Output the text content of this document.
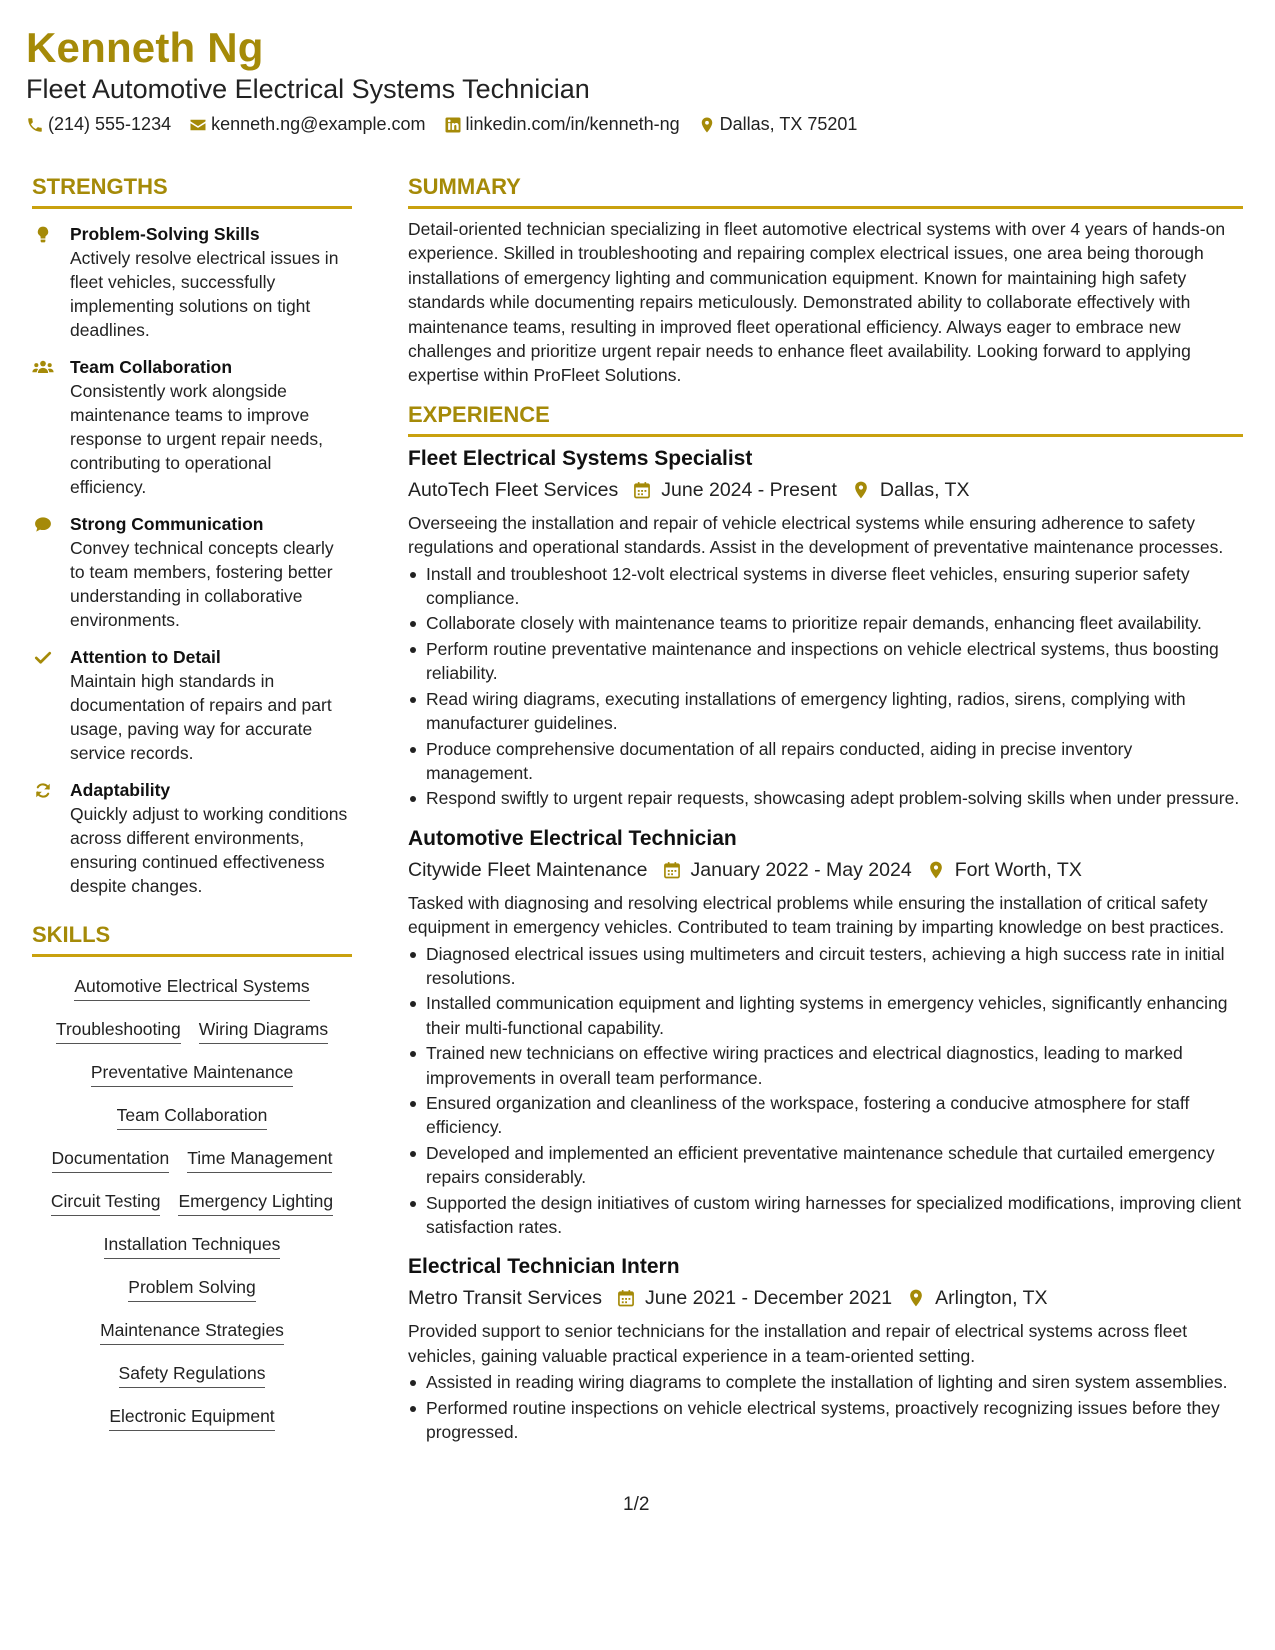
Kenneth Ng
Fleet Automotive Electrical Systems Technician
(214) 555-1234 kenneth.ng@example.com linkedin.com/in/kenneth-ng Dallas, TX 75201
STRENGTHS
Problem-Solving Skills
Actively resolve electrical issues in fleet vehicles, successfully implementing solutions on tight deadlines.
Team Collaboration
Consistently work alongside maintenance teams to improve response to urgent repair needs, contributing to operational efficiency.
Strong Communication
Convey technical concepts clearly to team members, fostering better understanding in collaborative environments.
Attention to Detail
Maintain high standards in documentation of repairs and part usage, paving way for accurate service records.
Adaptability
Quickly adjust to working conditions across different environments, ensuring continued effectiveness despite changes.
SKILLS
Automotive Electrical Systems
Troubleshooting Wiring Diagrams
Preventative Maintenance
Team Collaboration
Documentation Time Management
Circuit Testing Emergency Lighting
Installation Techniques
Problem Solving
Maintenance Strategies
Safety Regulations
Electronic Equipment
SUMMARY
Detail-oriented technician specializing in fleet automotive electrical systems with over 4 years of hands-on experience. Skilled in troubleshooting and repairing complex electrical issues, one area being thorough installations of emergency lighting and communication equipment. Known for maintaining high safety standards while documenting repairs meticulously. Demonstrated ability to collaborate effectively with maintenance teams, resulting in improved fleet operational efficiency. Always eager to embrace new challenges and prioritize urgent repair needs to enhance fleet availability. Looking forward to applying expertise within ProFleet Solutions.
EXPERIENCE
Fleet Electrical Systems Specialist
AutoTech Fleet Services June 2024 - Present Dallas, TX
Overseeing the installation and repair of vehicle electrical systems while ensuring adherence to safety regulations and operational standards. Assist in the development of preventative maintenance processes.
Install and troubleshoot 12-volt electrical systems in diverse fleet vehicles, ensuring superior safety compliance.
Collaborate closely with maintenance teams to prioritize repair demands, enhancing fleet availability.
Perform routine preventative maintenance and inspections on vehicle electrical systems, thus boosting reliability.
Read wiring diagrams, executing installations of emergency lighting, radios, sirens, complying with manufacturer guidelines.
Produce comprehensive documentation of all repairs conducted, aiding in precise inventory management.
Respond swiftly to urgent repair requests, showcasing adept problem-solving skills when under pressure.
Automotive Electrical Technician
Citywide Fleet Maintenance January 2022 - May 2024 Fort Worth, TX
Tasked with diagnosing and resolving electrical problems while ensuring the installation of critical safety equipment in emergency vehicles. Contributed to team training by imparting knowledge on best practices.
Diagnosed electrical issues using multimeters and circuit testers, achieving a high success rate in initial resolutions.
Installed communication equipment and lighting systems in emergency vehicles, significantly enhancing their multi-functional capability.
Trained new technicians on effective wiring practices and electrical diagnostics, leading to marked improvements in overall team performance.
Ensured organization and cleanliness of the workspace, fostering a conducive atmosphere for staff efficiency.
Developed and implemented an efficient preventative maintenance schedule that curtailed emergency repairs considerably.
Supported the design initiatives of custom wiring harnesses for specialized modifications, improving client satisfaction rates.
Electrical Technician Intern
Metro Transit Services June 2021 - December 2021 Arlington, TX
Provided support to senior technicians for the installation and repair of electrical systems across fleet vehicles, gaining valuable practical experience in a team-oriented setting.
Assisted in reading wiring diagrams to complete the installation of lighting and siren system assemblies.
Performed routine inspections on vehicle electrical systems, proactively recognizing issues before they progressed.
1/2
